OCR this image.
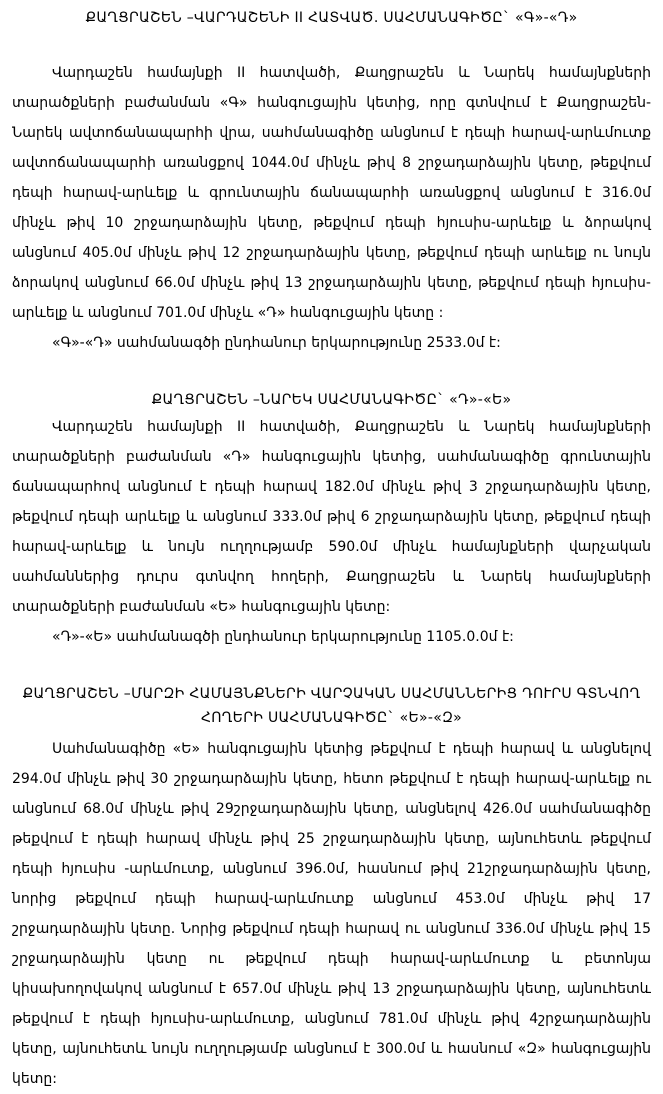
ՔԱՂՑՐԱՇԵՆ –ՎԱՐԴԱՇԵՆԻ II ՀԱՏՎԱԾ. ՍԱՀՄԱՆԱԳԻԾԸ` «Գ»-«Դ»

Վարդաշեն համայնքի II հատվածի, Քաղցրաշեն և Նարեկ համայնքների տարածքների բաժանման «Գ» հանգուցային կետից, որը գտնվում է Քաղցրաշեն-Նարեկ ավտոճանապարհի վրա, սահմանագիծը անցնում է դեպի հարավ-արևմուտք ավտոճանապարհի առանցքով 1044.0մ մինչև թիվ 8 շրջադարձային կետը, թեքվում դեպի հարավ-արևելք և գրունտային ճանապարհի առանցքով անցնում է 316.0մ մինչև թիվ 10 շրջադարձային կետը, թեքվում դեպի հյուսիս-արևելք և ձորակով անցնում 405.0մ մինչև թիվ 12 շրջադարձային կետը, թեքվում դեպի արևելք ու նույն ձորակով անցնում 66.0մ մինչև թիվ 13 շրջադարձային կետը, թեքվում դեպի հյուսիս-արևելք և անցնում 701.0մ մինչև «Դ» հանգուցային կետը :

«Գ»-«Դ» սահմանագծի ընդհանուր երկարությունը 2533.0մ է:

ՔԱՂՑՐԱՇԵՆ –ՆԱՐԵԿ ՍԱՀՄԱՆԱԳԻԾԸ` «Դ»-«Ե»

Վարդաշեն համայնքի II հատվածի, Քաղցրաշեն և Նարեկ համայնքների տարածքների բաժանման «Դ» հանգուցային կետից, սահմանագիծը գրունտային ճանապարհով անցնում է դեպի հարավ 182.0մ մինչև թիվ 3 շրջադարձային կետը, թեքվում դեպի արևելք և անցնում 333.0մ թիվ 6 շրջադարձային կետը, թեքվում դեպի հարավ-արևելք և նույն ուղղությամբ 590.0մ մինչև համայնքների վարչական սահմաններից դուրս գտնվող հողերի, Քաղցրաշեն և Նարեկ համայնքների տարածքների բաժանման «Ե» հանգուցային կետը:

«Դ»-«Ե» սահմանագծի ընդհանուր երկարությունը 1105.0.0մ է:

ՔԱՂՑՐԱՇԵՆ –ՄԱՐԶԻ ՀԱՄԱՅՆՔՆԵՐԻ ՎԱՐՉԱԿԱՆ ՍԱՀՄԱՆՆԵՐԻՑ ԴՈՒՐՍ ԳՏՆՎՈՂ

ՀՈՂԵՐԻ ՍԱՀՄԱՆԱԳԻԾԸ` «Ե»-«Զ»

Սահմանագիծը «Ե» հանգուցային կետից թեքվում է դեպի հարավ և անցնելով 294.0մ մինչև թիվ 30 շրջադարձային կետը, հետո թեքվում է դեպի հարավ-արևելք ու անցնում 68.0մ մինչև թիվ 29շրջադարձային կետը, անցնելով 426.0մ սահմանագիծը թեքվում է դեպի հարավ մինչև թիվ 25 շրջադարձային կետը, այնուհետև թեքվում դեպի հյուսիս -արևմուտք, անցնում 396.0մ, հասնում թիվ 21շրջադարձային կետը, նորից թեքվում դեպի հարավ-արևմուտք անցնում 453.0մ մինչև թիվ 17 շրջադարձային կետը. Նորից թեքվում դեպի հարավ ու անցնում 336.0մ մինչև թիվ 15 շրջադարձային կետը ու թեքվում դեպի հարավ-արևմուտք և բետոնյա կիսախողովակով անցնում է 657.0մ մինչև թիվ 13 շրջադարձային կետը, այնուհետև թեքվում է դեպի հյուսիս-արևմուտք, անցնում 781.0մ մինչև թիվ 4շրջադարձային կետը, այնուհետև նույն ուղղությամբ անցնում է 300.0մ և հասնում «Զ» հանգուցային կետը:
